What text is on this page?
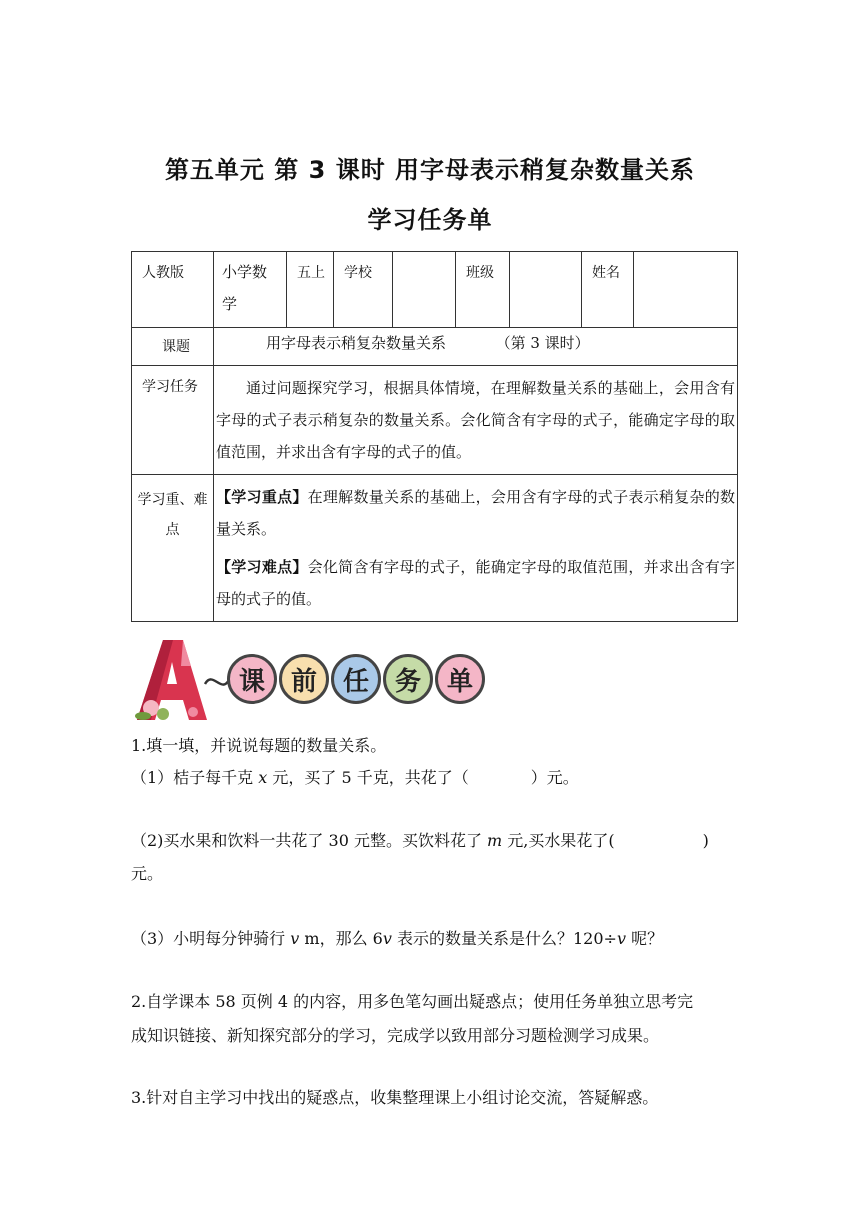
第五单元 第 3 课时 用字母表示稍复杂数量关系
学习任务单
人教版	小学数学	五上	学校		班级		姓名	

课题	用字母表示稍复杂数量关系 （第 3 课时）							

学习任务	通过问题探究学习，根据具体情境，在理解数量关系的基础上，会用含有字母的式子表示稍复杂的数量关系。会化简含有字母的式子，能确定字母的取值范围，并求出含有字母的式子的值。							

学习重、难点	【学习重点】在理解数量关系的基础上，会用含有字母的式子表示稍复杂的数量关系。
【学习难点】会化简含有字母的式子，能确定字母的取值范围，并求出含有字母的式子的值。							
课 前 任 务 单
1.填一填，并说说每题的数量关系。
（1）桔子每千克 x 元，买了 5 千克，共花了（	）元。
（2)买水果和饮料一共花了 30 元整。买饮料花了 m 元,买水果花了(	)
元。
（3）小明每分钟骑行 v m，那么 6v 表示的数量关系是什么？120÷v 呢？
2.自学课本 58 页例 4 的内容，用多色笔勾画出疑惑点；使用任务单独立思考完
成知识链接、新知探究部分的学习，完成学以致用部分习题检测学习成果。
3.针对自主学习中找出的疑惑点，收集整理课上小组讨论交流，答疑解惑。
